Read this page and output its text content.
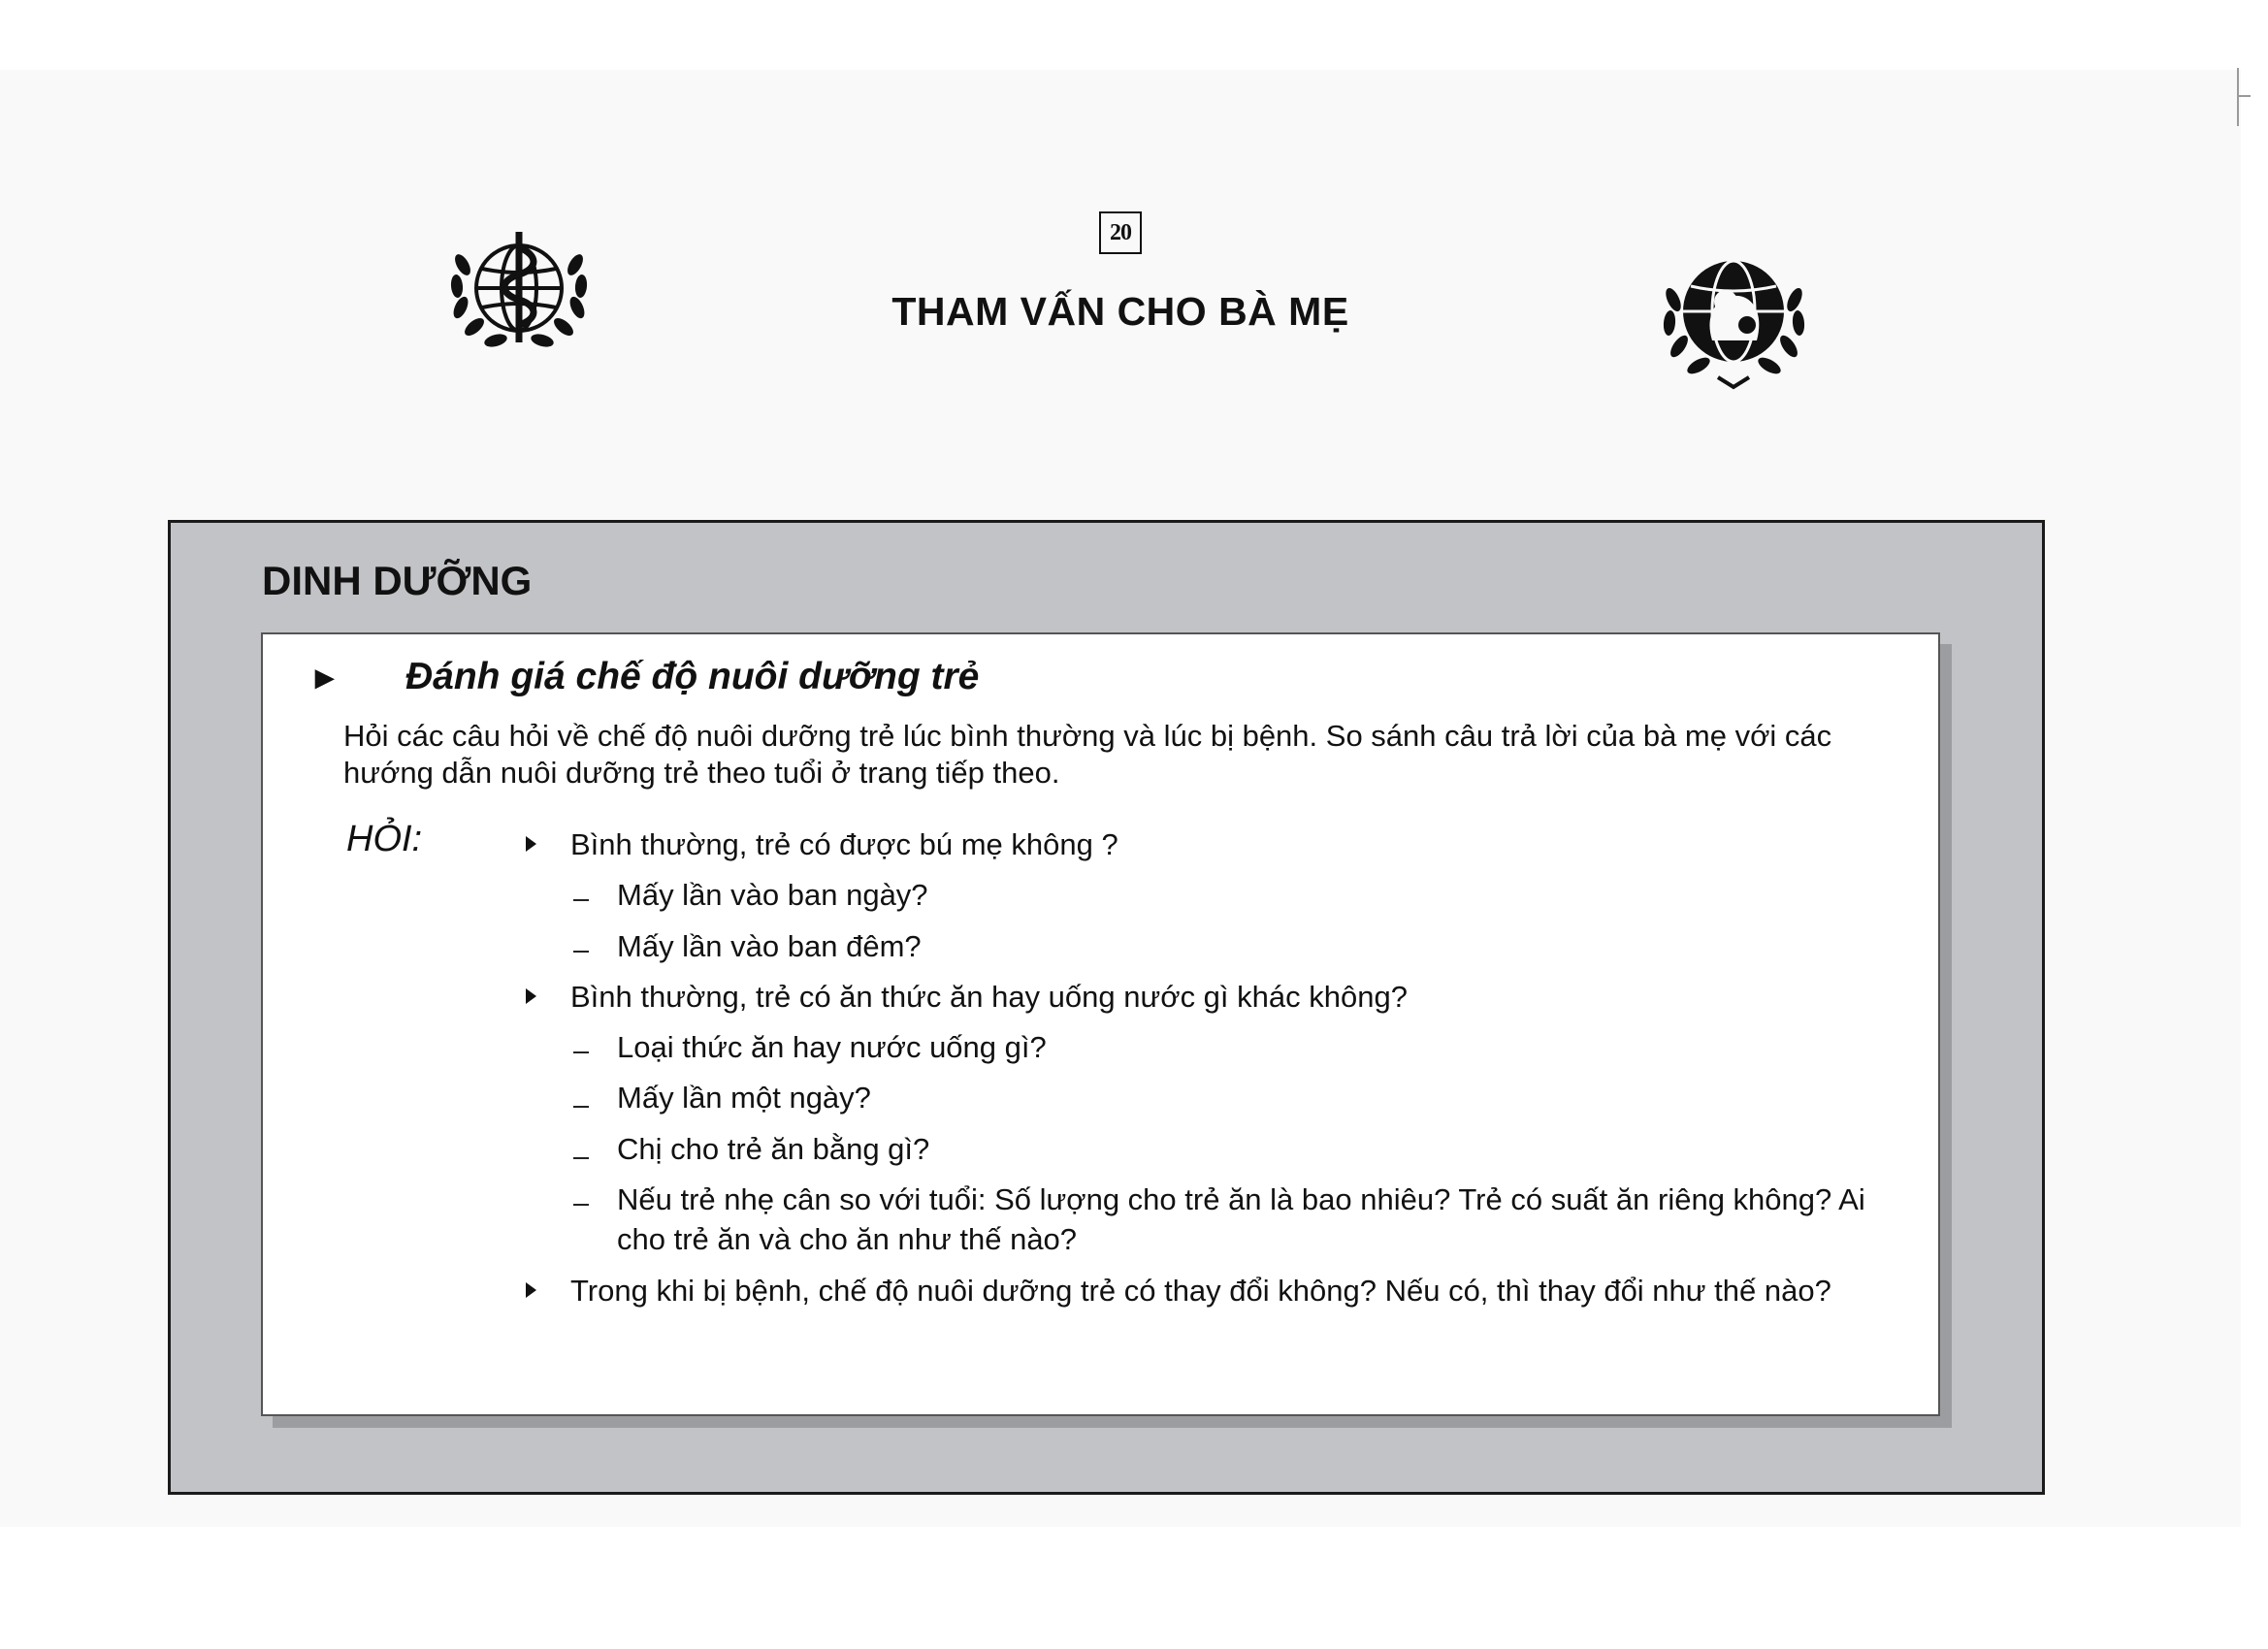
20
THAM VẤN CHO BÀ MẸ
DINH DƯỠNG
► Đánh giá chế độ nuôi dưỡng trẻ

Hỏi các câu hỏi về chế độ nuôi dưỡng trẻ lúc bình thường và lúc bị bệnh. So sánh câu trả lời của bà mẹ với các hướng dẫn nuôi dưỡng trẻ theo tuổi ở trang tiếp theo.

HỎI:	Bình thường, trẻ có được bú mẹ không ?

Mấy lần vào ban ngày?

Mấy lần vào ban đêm?

Bình thường, trẻ có ăn thức ăn hay uống nước gì khác không?

Loại thức ăn hay nước uống gì?

Mấy lần một ngày?

Chị cho trẻ ăn bằng gì?

Nếu trẻ nhẹ cân so với tuổi: Số lượng cho trẻ ăn là bao nhiêu? Trẻ có suất ăn riêng không? Ai cho trẻ ăn và cho ăn như thế nào?

Trong khi bị bệnh, chế độ nuôi dưỡng trẻ có thay đổi không? Nếu có, thì thay đổi như thế nào?
